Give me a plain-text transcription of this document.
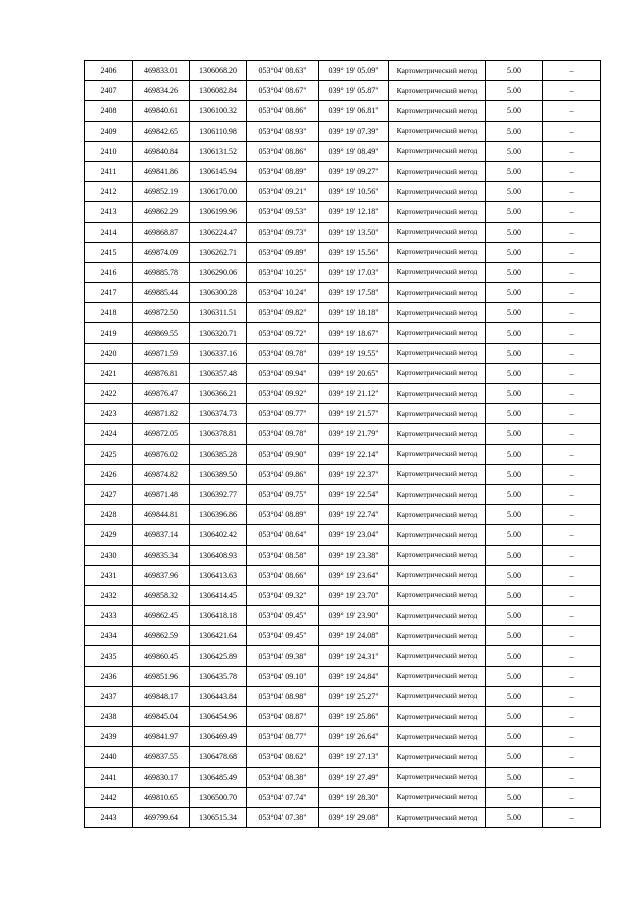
2406	469833.01	1306068.20	053°04' 08.63"	039° 19' 05.09"	Картометрический метод	5.00	–
2407	469834.26	1306082.84	053°04' 08.67"	039° 19' 05.87"	Картометрический метод	5.00	–
2408	469840.61	1306100.32	053°04' 08.86"	039° 19' 06.81"	Картометрический метод	5.00	–
2409	469842.65	1306110.98	053°04' 08.93"	039° 19' 07.39"	Картометрический метод	5.00	–
2410	469840.84	1306131.52	053°04' 08.86"	039° 19' 08.49"	Картометрический метод	5.00	–
2411	469841.86	1306145.94	053°04' 08.89"	039° 19' 09.27"	Картометрический метод	5.00	–
2412	469852.19	1306170.00	053°04' 09.21"	039° 19' 10.56"	Картометрический метод	5.00	–
2413	469862.29	1306199.96	053°04' 09.53"	039° 19' 12.18"	Картометрический метод	5.00	–
2414	469868.87	1306224.47	053°04' 09.73"	039° 19' 13.50"	Картометрический метод	5.00	–
2415	469874.09	1306262.71	053°04' 09.89"	039° 19' 15.56"	Картометрический метод	5.00	–
2416	469885.78	1306290.06	053°04' 10.25"	039° 19' 17.03"	Картометрический метод	5.00	–
2417	469885.44	1306300.28	053°04' 10.24"	039° 19' 17.58"	Картометрический метод	5.00	–
2418	469872.50	1306311.51	053°04' 09.82"	039° 19' 18.18"	Картометрический метод	5.00	–
2419	469869.55	1306320.71	053°04' 09.72"	039° 19' 18.67"	Картометрический метод	5.00	–
2420	469871.59	1306337.16	053°04' 09.78"	039° 19' 19.55"	Картометрический метод	5.00	–
2421	469876.81	1306357.48	053°04' 09.94"	039° 19' 20.65"	Картометрический метод	5.00	–
2422	469876.47	1306366.21	053°04' 09.92"	039° 19' 21.12"	Картометрический метод	5.00	–
2423	469871.82	1306374.73	053°04' 09.77"	039° 19' 21.57"	Картометрический метод	5.00	–
2424	469872.05	1306378.81	053°04' 09.78"	039° 19' 21.79"	Картометрический метод	5.00	–
2425	469876.02	1306385.28	053°04' 09.90"	039° 19' 22.14"	Картометрический метод	5.00	–
2426	469874.82	1306389.50	053°04' 09.86"	039° 19' 22.37"	Картометрический метод	5.00	–
2427	469871.48	1306392.77	053°04' 09.75"	039° 19' 22.54"	Картометрический метод	5.00	–
2428	469844.81	1306396.86	053°04' 08.89"	039° 19' 22.74"	Картометрический метод	5.00	–
2429	469837.14	1306402.42	053°04' 08.64"	039° 19' 23.04"	Картометрический метод	5.00	–
2430	469835.34	1306408.93	053°04' 08.58"	039° 19' 23.38"	Картометрический метод	5.00	–
2431	469837.96	1306413.63	053°04' 08.66"	039° 19' 23.64"	Картометрический метод	5.00	–
2432	469858.32	1306414.45	053°04' 09.32"	039° 19' 23.70"	Картометрический метод	5.00	–
2433	469862.45	1306418.18	053°04' 09.45"	039° 19' 23.90"	Картометрический метод	5.00	–
2434	469862.59	1306421.64	053°04' 09.45"	039° 19' 24.08"	Картометрический метод	5.00	–
2435	469860.45	1306425.89	053°04' 09.38"	039° 19' 24.31"	Картометрический метод	5.00	–
2436	469851.96	1306435.78	053°04' 09.10"	039° 19' 24.84"	Картометрический метод	5.00	–
2437	469848.17	1306443.84	053°04' 08.98"	039° 19' 25.27"	Картометрический метод	5.00	–
2438	469845.04	1306454.96	053°04' 08.87"	039° 19' 25.86"	Картометрический метод	5.00	–
2439	469841.97	1306469.49	053°04' 08.77"	039° 19' 26.64"	Картометрический метод	5.00	–
2440	469837.55	1306478.68	053°04' 08.62"	039° 19' 27.13"	Картометрический метод	5.00	–
2441	469830.17	1306485.49	053°04' 08.38"	039° 19' 27.49"	Картометрический метод	5.00	–
2442	469810.65	1306500.70	053°04' 07.74"	039° 19' 28.30"	Картометрический метод	5.00	–
2443	469799.64	1306515.34	053°04' 07.38"	039° 19' 29.08"	Картометрический метод	5.00	–
